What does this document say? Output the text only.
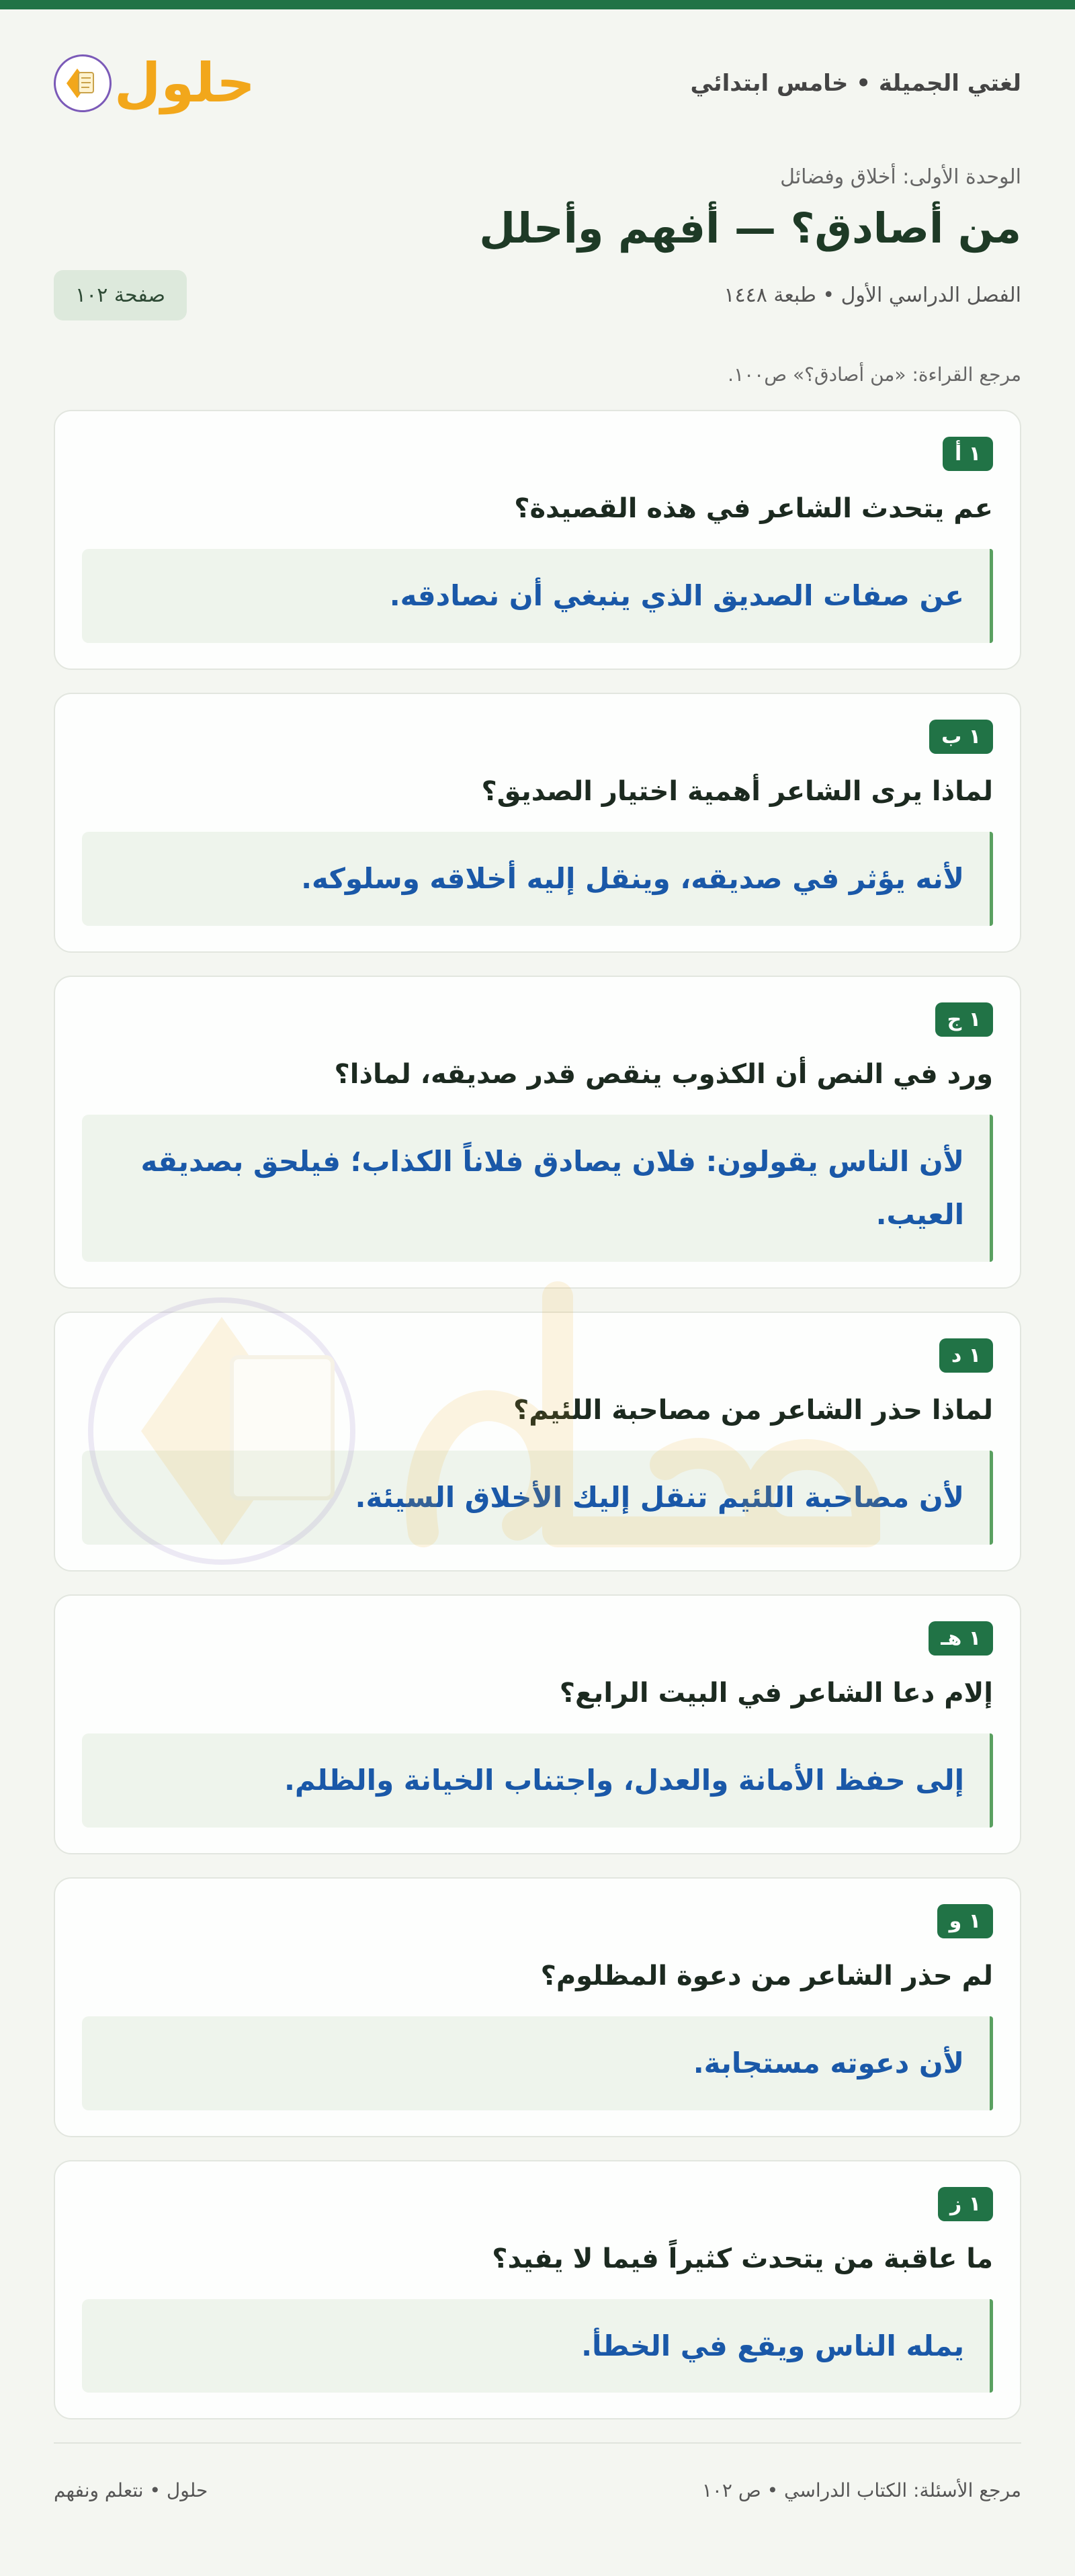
لغتي الجميلة • خامس ابتدائي
حلول
الوحدة الأولى: أخلاق وفضائل
من أصادق؟ — أفهم وأحلل
الفصل الدراسي الأول • طبعة ١٤٤٨
صفحة ١٠٢
مرجع القراءة: «من أصادق؟» ص١٠٠.
١ أ
عم يتحدث الشاعر في هذه القصيدة؟
عن صفات الصديق الذي ينبغي أن نصادقه.
١ ب
لماذا يرى الشاعر أهمية اختيار الصديق؟
لأنه يؤثر في صديقه، وينقل إليه أخلاقه وسلوكه.
١ ج
ورد في النص أن الكذوب ينقص قدر صديقه، لماذا؟
لأن الناس يقولون: فلان يصادق فلاناً الكذاب؛ فيلحق بصديقه العيب.
١ د
لماذا حذر الشاعر من مصاحبة اللئيم؟
لأن مصاحبة اللئيم تنقل إليك الأخلاق السيئة.
١ هـ
إلام دعا الشاعر في البيت الرابع؟
إلى حفظ الأمانة والعدل، واجتناب الخيانة والظلم.
١ و
لم حذر الشاعر من دعوة المظلوم؟
لأن دعوته مستجابة.
١ ز
ما عاقبة من يتحدث كثيراً فيما لا يفيد؟
يمله الناس ويقع في الخطأ.
مرجع الأسئلة: الكتاب الدراسي • ص ١٠٢
حلول • نتعلم ونفهم
